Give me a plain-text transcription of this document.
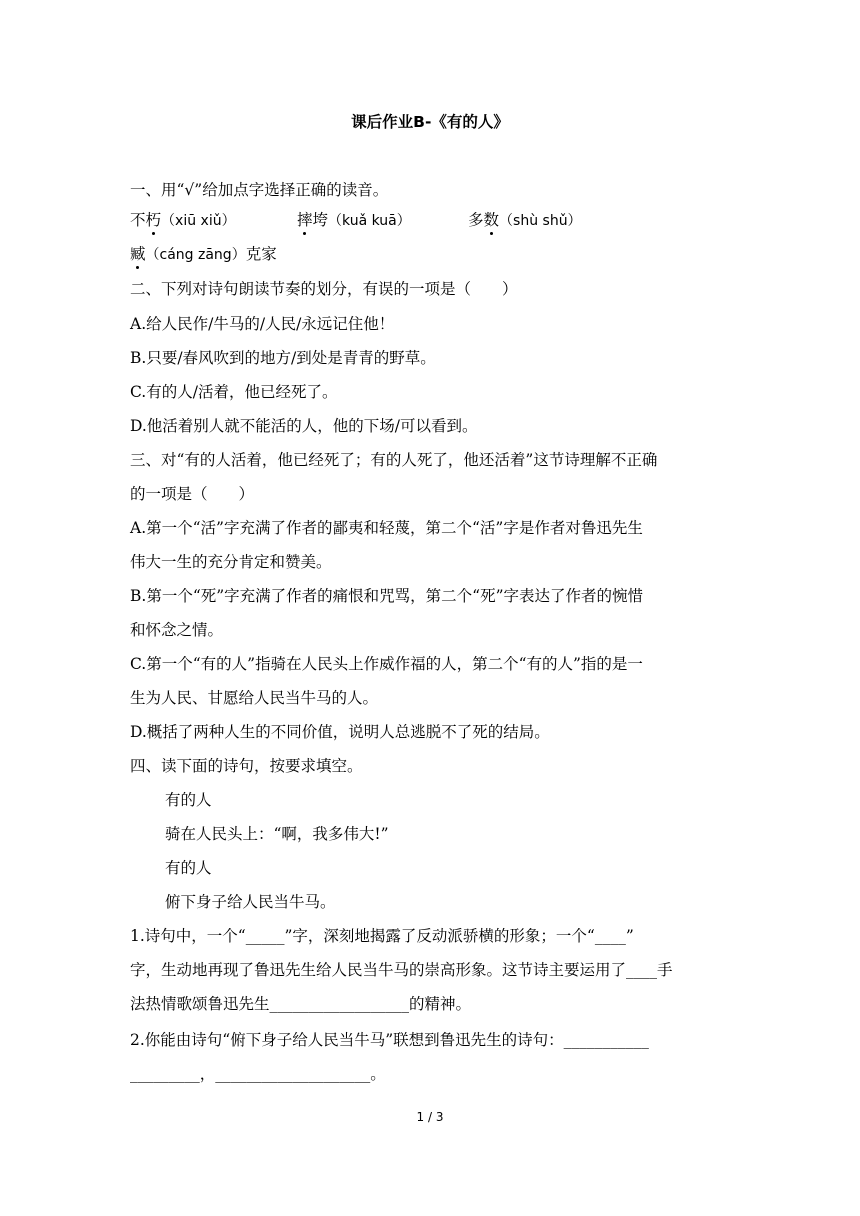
课后作业B-《有的人》
一、用“√”给加点字选择正确的读音。
不朽（xiū xiǔ）	摔垮（kuǎ kuā）	多数（shù shǔ）
臧（cáng zāng）克家
二、下列对诗句朗读节奏的划分，有误的一项是（　　）
A.给人民作/牛马的/人民/永远记住他！
B.只要/春风吹到的地方/到处是青青的野草。
C.有的人/活着，他已经死了。
D.他活着别人就不能活的人，他的下场/可以看到。
三、对“有的人活着，他已经死了；有的人死了，他还活着”这节诗理解不正确
的一项是（　　）
A.第一个“活”字充满了作者的鄙夷和轻蔑，第二个“活”字是作者对鲁迅先生
伟大一生的充分肯定和赞美。
B.第一个“死”字充满了作者的痛恨和咒骂，第二个“死”字表达了作者的惋惜
和怀念之情。
C.第一个“有的人”指骑在人民头上作威作福的人，第二个“有的人”指的是一
生为人民、甘愿给人民当牛马的人。
D.概括了两种人生的不同价值，说明人总逃脱不了死的结局。
四、读下面的诗句，按要求填空。
有的人
骑在人民头上：“啊，我多伟大!”
有的人
俯下身子给人民当牛马。
1.诗句中，一个“_____”字，深刻地揭露了反动派骄横的形象；一个“____”
字，生动地再现了鲁迅先生给人民当牛马的崇高形象。这节诗主要运用了____手
法热情歌颂鲁迅先生__________________的精神。
2.你能由诗句“俯下身子给人民当牛马”联想到鲁迅先生的诗句：___________
_________，____________________。
1 / 3
